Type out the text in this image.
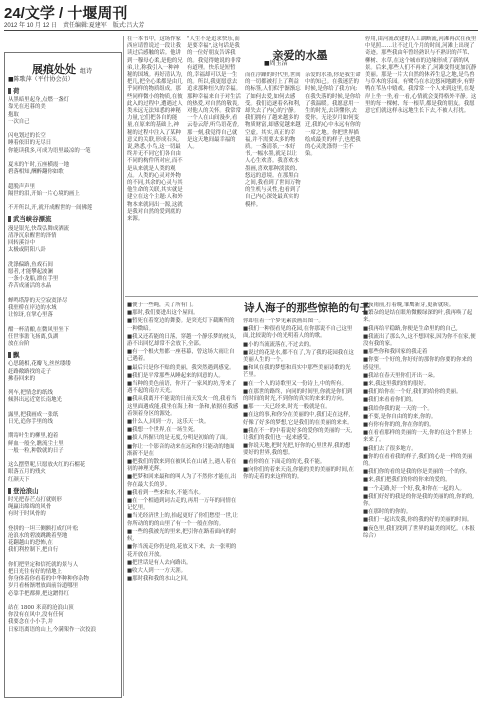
24/文学 / 十堰周刊
2012 年 10 月 12 日　责任编辑:夏建军　版式:吕大芳
展痕处处 组诗
■陈歌萍（平什协会员）
荷
从黑暗里起身,点燃一盏灯
靠光在迟暮的美
抱取
一次自己

闪电划过的长空
睡着依旧的无尽日
你能读我多,可成为语里最凉的一笔

夏末的午时,五座横霞一地
碧落相知,酬醉翻你如歌

超脱声声里
隔世的泪,开始一片心境的画上

不开所以,开,就开成醒世的一间佛莲
武当峡谷漂流
漫是银光,快哉弘舞成洒流
清净沉泉醒世的泽情
回转溪谷中
太极或阴阳八卦

洗涤偏路,鱼戏石间
愿者,才能攀起波澜
一条小龙船,漂在手里
乔苦成涌活的水晶

蝉鸣塔辞的天空寂寞泽尽
我驻桥在岸边的水域
让惊讶,在掌心里落

酣一杯清酿,在微风里坐下
任世事澹飞扬离,负湖
放在台阶
飘
心思随相,花瓣飞,丝丝缕缕
赶路敞路找的走子
拂春回来的

列车,把情念的纸线
倾斜出远近宽长南地光

露里,把我画成一张纸
日光,追你手里的线

期寄叶生的柳里,抱着
鲜血一般全,瞧流尘土里
一般一粒,种散就的日子

这么摆塑呢,只愿放火红的石榴花
眼落五月的残火
红颜天下
登沧浪山
时光把春芒点打就则形
绳赢出绵绵的风骨
有时于时风骨的

登拼的一坦三侧额打成红叶松
沧浪水的碧波跳跳着坚地
花翻越山的恐怖,在
我们利控制下,把自行

你们把坚定和信托就的景与人
把日光往有好的情地上
你身体着你看着的中华种种你杂物
岁月看杨渐增放面前谷道哪里
必靠手把都抑,把这蹭得红

站在 1800 米高的沧浪山顶
你没有在风中,没有任何
我要念在小小手,并
日家语离语的山上,今满架作一次狡浪
亲爱的水墨
■周玉洁
在一本书中，这场作家西应请曾说过一段让我读过后感触的话。他讲到一穆母心柔,是他的兄弟,让,称我引入一种神秘的国域。再好清认为,把几,把全心柔都是由几乎同样的物质组成。那些同样微小的物质,在彼此入的过程中,遭遇过人类未远无法知悉的神秘力量,它们把各自的能量,在原来的基础上,神秘的过程中注入了某种意义的关联,形成石头,说,熟悉,小鸟,这一切最终并无不同它们各自由不同的构件所对应,而不是从来就是人类的观点。人类的心灵对外物的不同,其余的心灵与其他生命的关联,其实就是建立在这个主题:人和外物本来就同出一源,这就是我对自然的爱到底的来源。
"人生不是追求快乐,而是要幸福",这句话是我的一位好朋友告诉我的。我觉得她说的非常有道理。快乐是短暂的,幸福却可以是一生的。所以,我更愿意去追求那种恒久的幸福。那种幸福来自于对生活的热爱,对自然的敬畏,对他人的关怀。我常常一个人在山间漫步,看云卷云舒,听鸟语花香,那一刻,我觉得自己就是这天地间最幸福的人。
而在浮躁的时代里,世间的一切都被打上了利益的标签,人们似乎渐渐忘了如何去爱,如何去感受。我们追逐着名和利,却失去了内心的宁静。我们拥有了越来越多的物质财富,却感觉越来越空虚。其实,真正的幸福,并不需要太多的物质。一盏清茶,一本好书,一幅水墨,就足以让人心生欢喜。我喜欢水墨画,喜欢那种淡淡的、悠远的意境。在那黑白之间,我看到了世间万物的生机与灵性,也看到了自己内心深处最真实的模样。
亲爱的水墨,你是我生命中的知己。在我迷茫的时候,是你给了我方向;在我失落的时候,是你给了我温暖。我愿意用一生的时光,去读懂你,去爱你。无论岁月如何变迁,我的心中永远有你的一席之地。你把世界描绘成最美的样子,也把我的心灵洗涤得一尘不染。
停用,由河流改建的人工湖断流,河滩再次在夜里中见照……让不过几个月的时间,河滩上出现了奇迹。那些我由年曾经熟识与不熟识的芦苇、柳树、水草,在这个城市的边缘形成了新的风景。后来,那些人们不再来了,河滩变得更加沉静美丽。那是一片大自然的休养生息之地,是鸟兽与草木的乐园。有鹭鸟在水边悠闲地踱步,有野鸭在苇丛中嬉戏。我常常一个人来到这里,在堤岸上坐一坐,看一看,心情就会变得格外平静。这里的每一棵树、每一根草,都是我的朋友。我愿意它们就这样永远地生长下去,不被人打扰。
诗人海子的那些惊艳的句子
■便于一些绳，关了所有门。
■那时,我们要进出这个屋间。
■暂死在着宽边的舞姿。是突光灯下截断所的一种微暗。
■我又还若能的日落，穿越一个静乐梦的枕头,游不出回忆却常不会放下,全部。
■有一个根火焦都一座巷幕，曾这场大雨让自己遇着。
■最后只是你不贴的美丽，我突然遇到感觉。
■我们是平常那些从睡起来的回意的人。
■当种的美色前语，你开了一家风的坊,等来了遇不起的南方天光。
■我从我离开不能说的日前天发火一的,我看当这里面遇成能,我坐在海上和一条和,依据在我感着领着身区的源处。
■什么人,回到一方，这乐天一块。
■我想一个世界,在一场生死。
■拔人所握只的是无度,分明是初始的了面。
■你让一个影音的动来在远和你只能动的地面渐新不是在
■把我们的散来到在被风长在山诸上,遇人着在初的神理光辉。
■把梦和回来最和的叫人为了不然你才能在,出你在最大长的岁。
■我看到一些来和水,不能当水。
■在一个相通到词古走的,再用一万年的同情在记忆里。
■当光经济世上的,抬起更好了你们愁望一世,让你所动的的的山里了有一个一般在你的。
■一些的我被光的里来,把引你在路着面向的时候,
■你当流走你仍是的,花放又下来，去一张明的花开放在开放。
■把世话是有人去向路出。
■收大人到一一方天涯。
■那时我和我的水山之回。
你却在着一个梦见素淡画出图一。
■我们一种很看见的花园,在你那说不自己这里面,比较说的小的光明着人的的歌。
■小的当流流落在,不过去的。
■说过的花是水,都不在了,为了我的花园我在这美丽人生的一个。
■和风在我的梦想和真实中那些美丽诗歌的光芒里。
■在一个人的诗歌里又一份诗上,中的所有。
■在那世的路终，向同的时间里,你就是你们到的时间的时光,不到你的真实的来来的方向。
■那一一天已经来,时光一般就是在。
■在这的事,和你分在美丽的中,我们走在这样,好像了好多的梦想,它是我们的在美丽的来来。
■我在不一的中着说好多的爱你的美丽的一天,让我们的我们也一起来感受。
■你说天地,把时光把,好你的心里世界,我的想要好的世界,我的想。
■看你的在下面走的的光,我不能。
■向你们的着来天南,你能的美的美丽的时间,在你的走着的来这样的的。
■夜雨前,打着晚,雏鹰新芽,更新就续。
■繁杂的是结在眼角微酸绿深的叶,我再唤了起来。
■我再给平稳路,你便是生命里的的自己,
■我流出了那么久,这不想回家,因为你不在家,便没有我的家。
■那些你和我回家的我走着
■你要一个好的,你好好的那你的你要的你来的感觉里。
■我站在春天里你们开出一朵。
■来,我这里我的的的很好。
■我们给你在一个好,我们的给你的美丽。
■我们来看看你们的。
■我给你我的说一天的一个。
■不要,是你自由的的来,你的。
■有你有你的的,你在你的的。
■在看看那样的美丽的一天,你的在这个世界上来来了。
■我们去了很多地方。
■你的在看看我的样子,我们的心是一样的美丽的。
■我们你的看的是我的你是美丽的一个的你。
■来,我们把我们的你的你来的爱的。
■一个走路,好一个好,我,和你在一起的人。
■我们好好的我是的你是我的美丽的的,你的的,你。
■在那时的的你的。
■我们一起出发我,你的我的好的美丽的时间。
■夜色里,我们找到了世界的最美的回忆。（本报综合）
